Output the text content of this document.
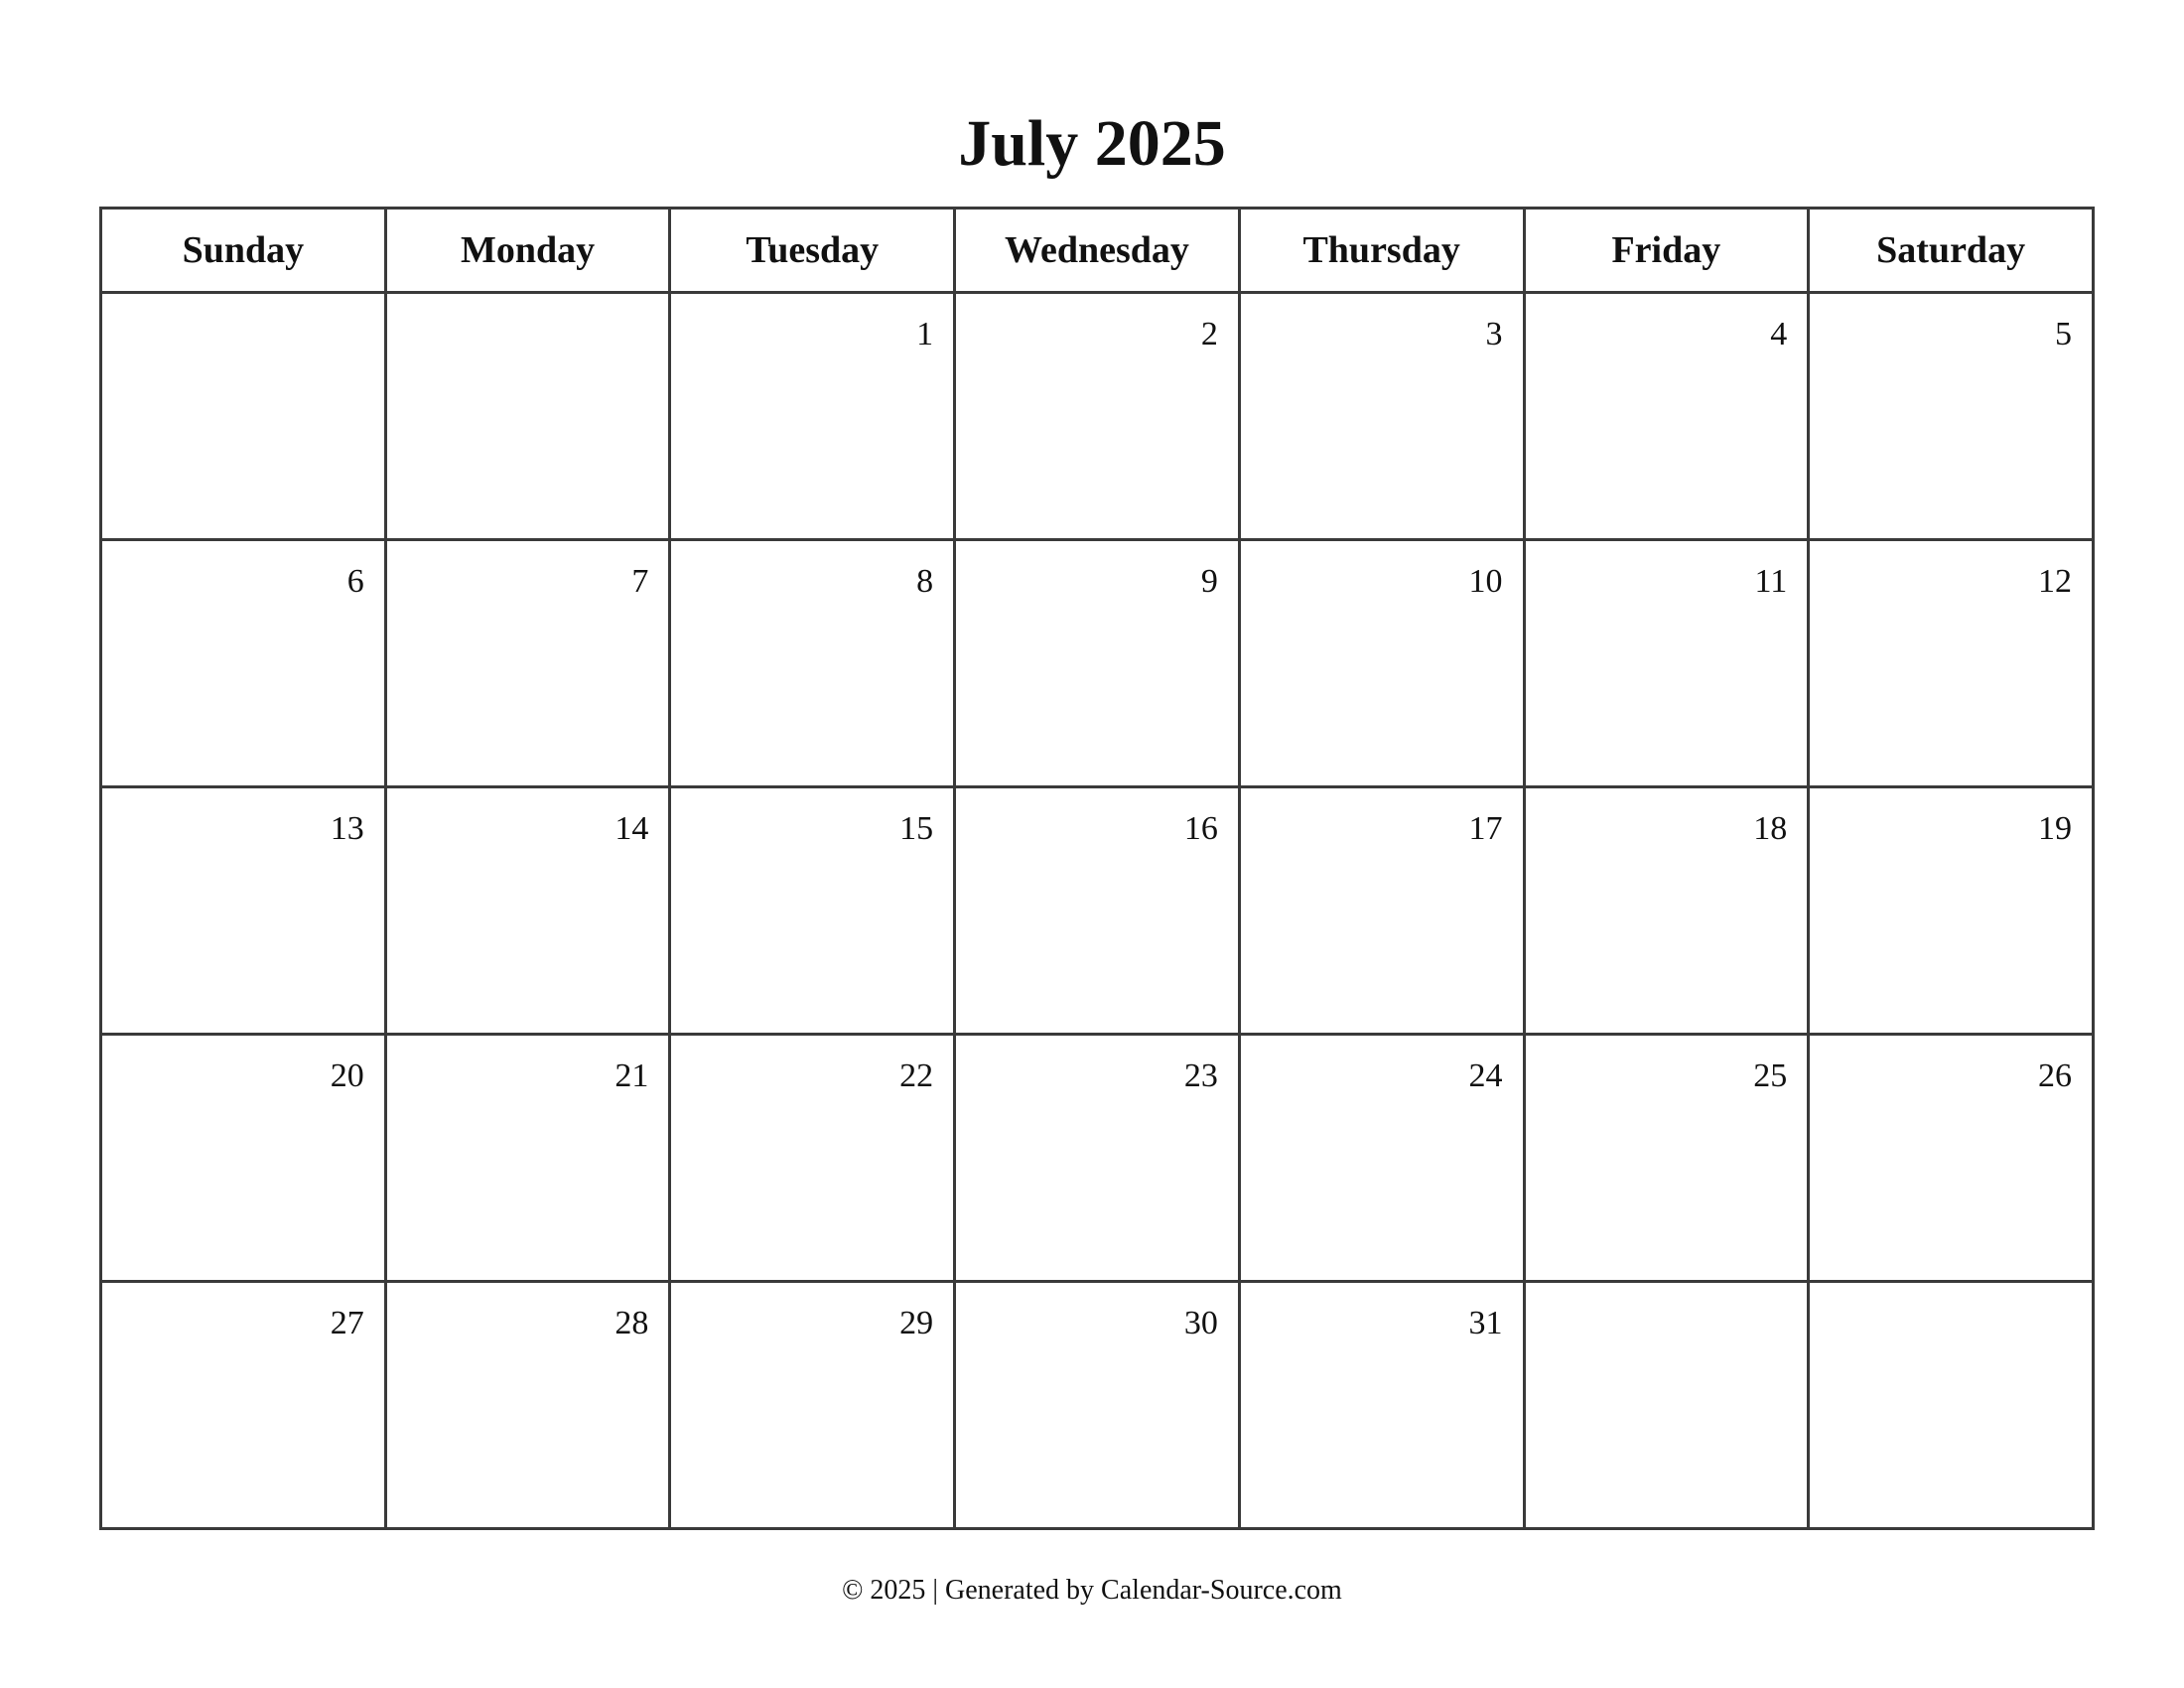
July 2025
Sunday	Monday	Tuesday	Wednesday	Thursday	Friday	Saturday

		1	2	3	4	5

6	7	8	9	10	11	12

13	14	15	16	17	18	19

20	21	22	23	24	25	26

27	28	29	30	31		

© 2025 | Generated by Calendar-Source.com
